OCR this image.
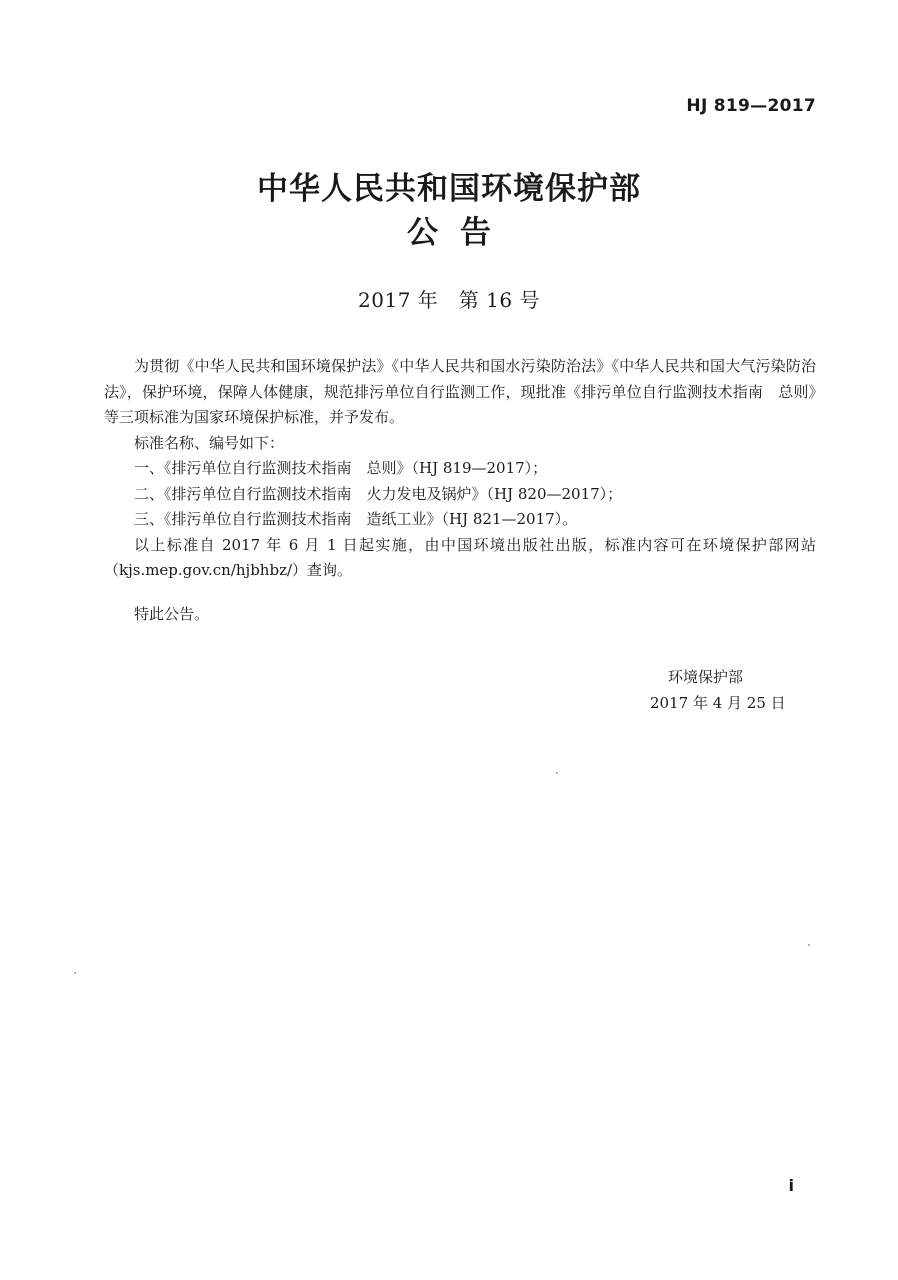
HJ 819—2017
中华人民共和国环境保护部
公告
2017 年　第 16 号

为贯彻《中华人民共和国环境保护法》《中华人民共和国水污染防治法》《中华人民共和国大气污染防治法》，保护环境，保障人体健康，规范排污单位自行监测工作，现批准《排污单位自行监测技术指南　总则》等三项标准为国家环境保护标准，并予发布。

标准名称、编号如下：

一、《排污单位自行监测技术指南　总则》（HJ 819—2017）；

二、《排污单位自行监测技术指南　火力发电及锅炉》（HJ 820—2017）；

三、《排污单位自行监测技术指南　造纸工业》（HJ 821—2017）。

以上标准自 2017 年 6 月 1 日起实施，由中国环境出版社出版，标准内容可在环境保护部网站（kjs.mep.gov.cn/hjbhbz/）查询。

特此公告。

环境保护部
2017 年 4 月 25 日
i
